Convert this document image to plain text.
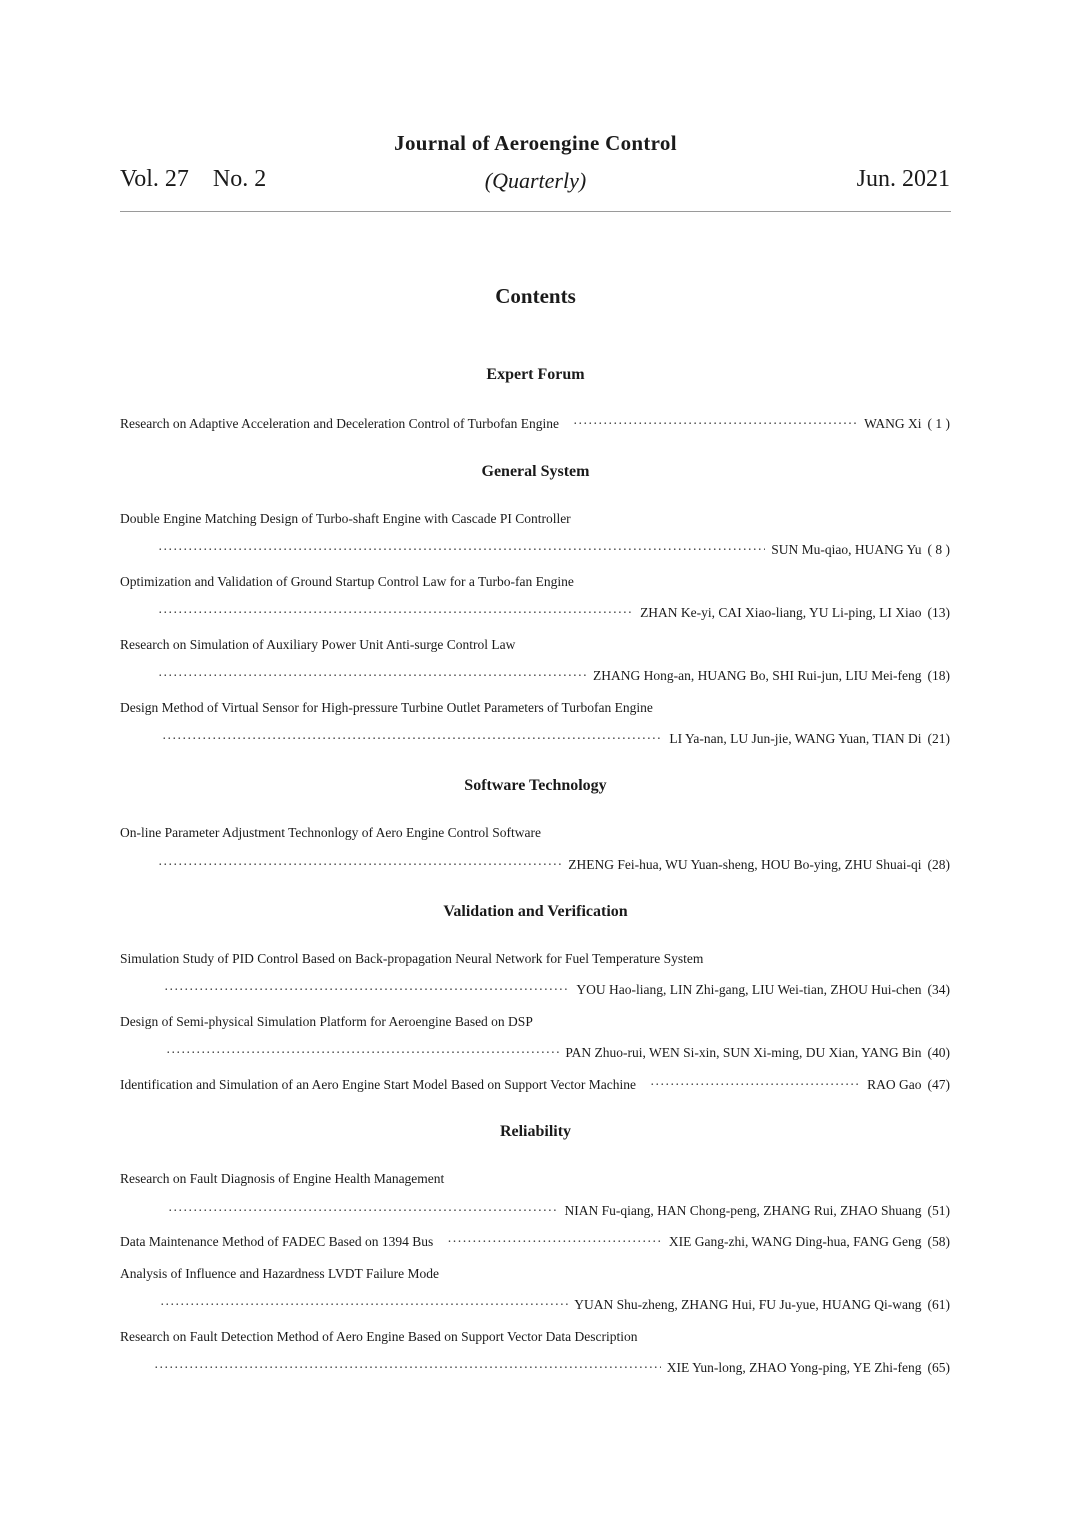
Journal of Aeroengine Control
Vol. 27 No. 2	(Quarterly)	Jun. 2021
Contents
Expert Forum
Research on Adaptive Acceleration and Deceleration Control of Turbofan Engine ·····	WANG Xi ( 1 )
General System
Double Engine Matching Design of Turbo-shaft Engine with Cascade PI Controller
·····
SUN Mu-qiao, HUANG Yu ( 8 )
Optimization and Validation of Ground Startup Control Law for a Turbo-fan Engine
·····
ZHAN Ke-yi, CAI Xiao-liang, YU Li-ping, LI Xiao (13)
Research on Simulation of Auxiliary Power Unit Anti-surge Control Law
·····
ZHANG Hong-an, HUANG Bo, SHI Rui-jun, LIU Mei-feng (18)
Design Method of Virtual Sensor for High-pressure Turbine Outlet Parameters of Turbofan Engine
·····
LI Ya-nan, LU Jun-jie, WANG Yuan, TIAN Di (21)
Software Technology
On-line Parameter Adjustment Technonlogy of Aero Engine Control Software
·····
ZHENG Fei-hua, WU Yuan-sheng, HOU Bo-ying, ZHU Shuai-qi (28)
Validation and Verification
Simulation Study of PID Control Based on Back-propagation Neural Network for Fuel Temperature System
·····
YOU Hao-liang, LIN Zhi-gang, LIU Wei-tian, ZHOU Hui-chen (34)
Design of Semi-physical Simulation Platform for Aeroengine Based on DSP
·····
PAN Zhuo-rui, WEN Si-xin, SUN Xi-ming, DU Xian, YANG Bin (40)
Identification and Simulation of an Aero Engine Start Model Based on Support Vector Machine ·····	RAO Gao (47)
Reliability
Research on Fault Diagnosis of Engine Health Management
·····
NIAN Fu-qiang, HAN Chong-peng, ZHANG Rui, ZHAO Shuang (51)
Data Maintenance Method of FADEC Based on 1394 Bus ·····	XIE Gang-zhi, WANG Ding-hua, FANG Geng (58)
Analysis of Influence and Hazardness LVDT Failure Mode
·····
YUAN Shu-zheng, ZHANG Hui, FU Ju-yue, HUANG Qi-wang (61)
Research on Fault Detection Method of Aero Engine Based on Support Vector Data Description
·····
XIE Yun-long, ZHAO Yong-ping, YE Zhi-feng (65)
